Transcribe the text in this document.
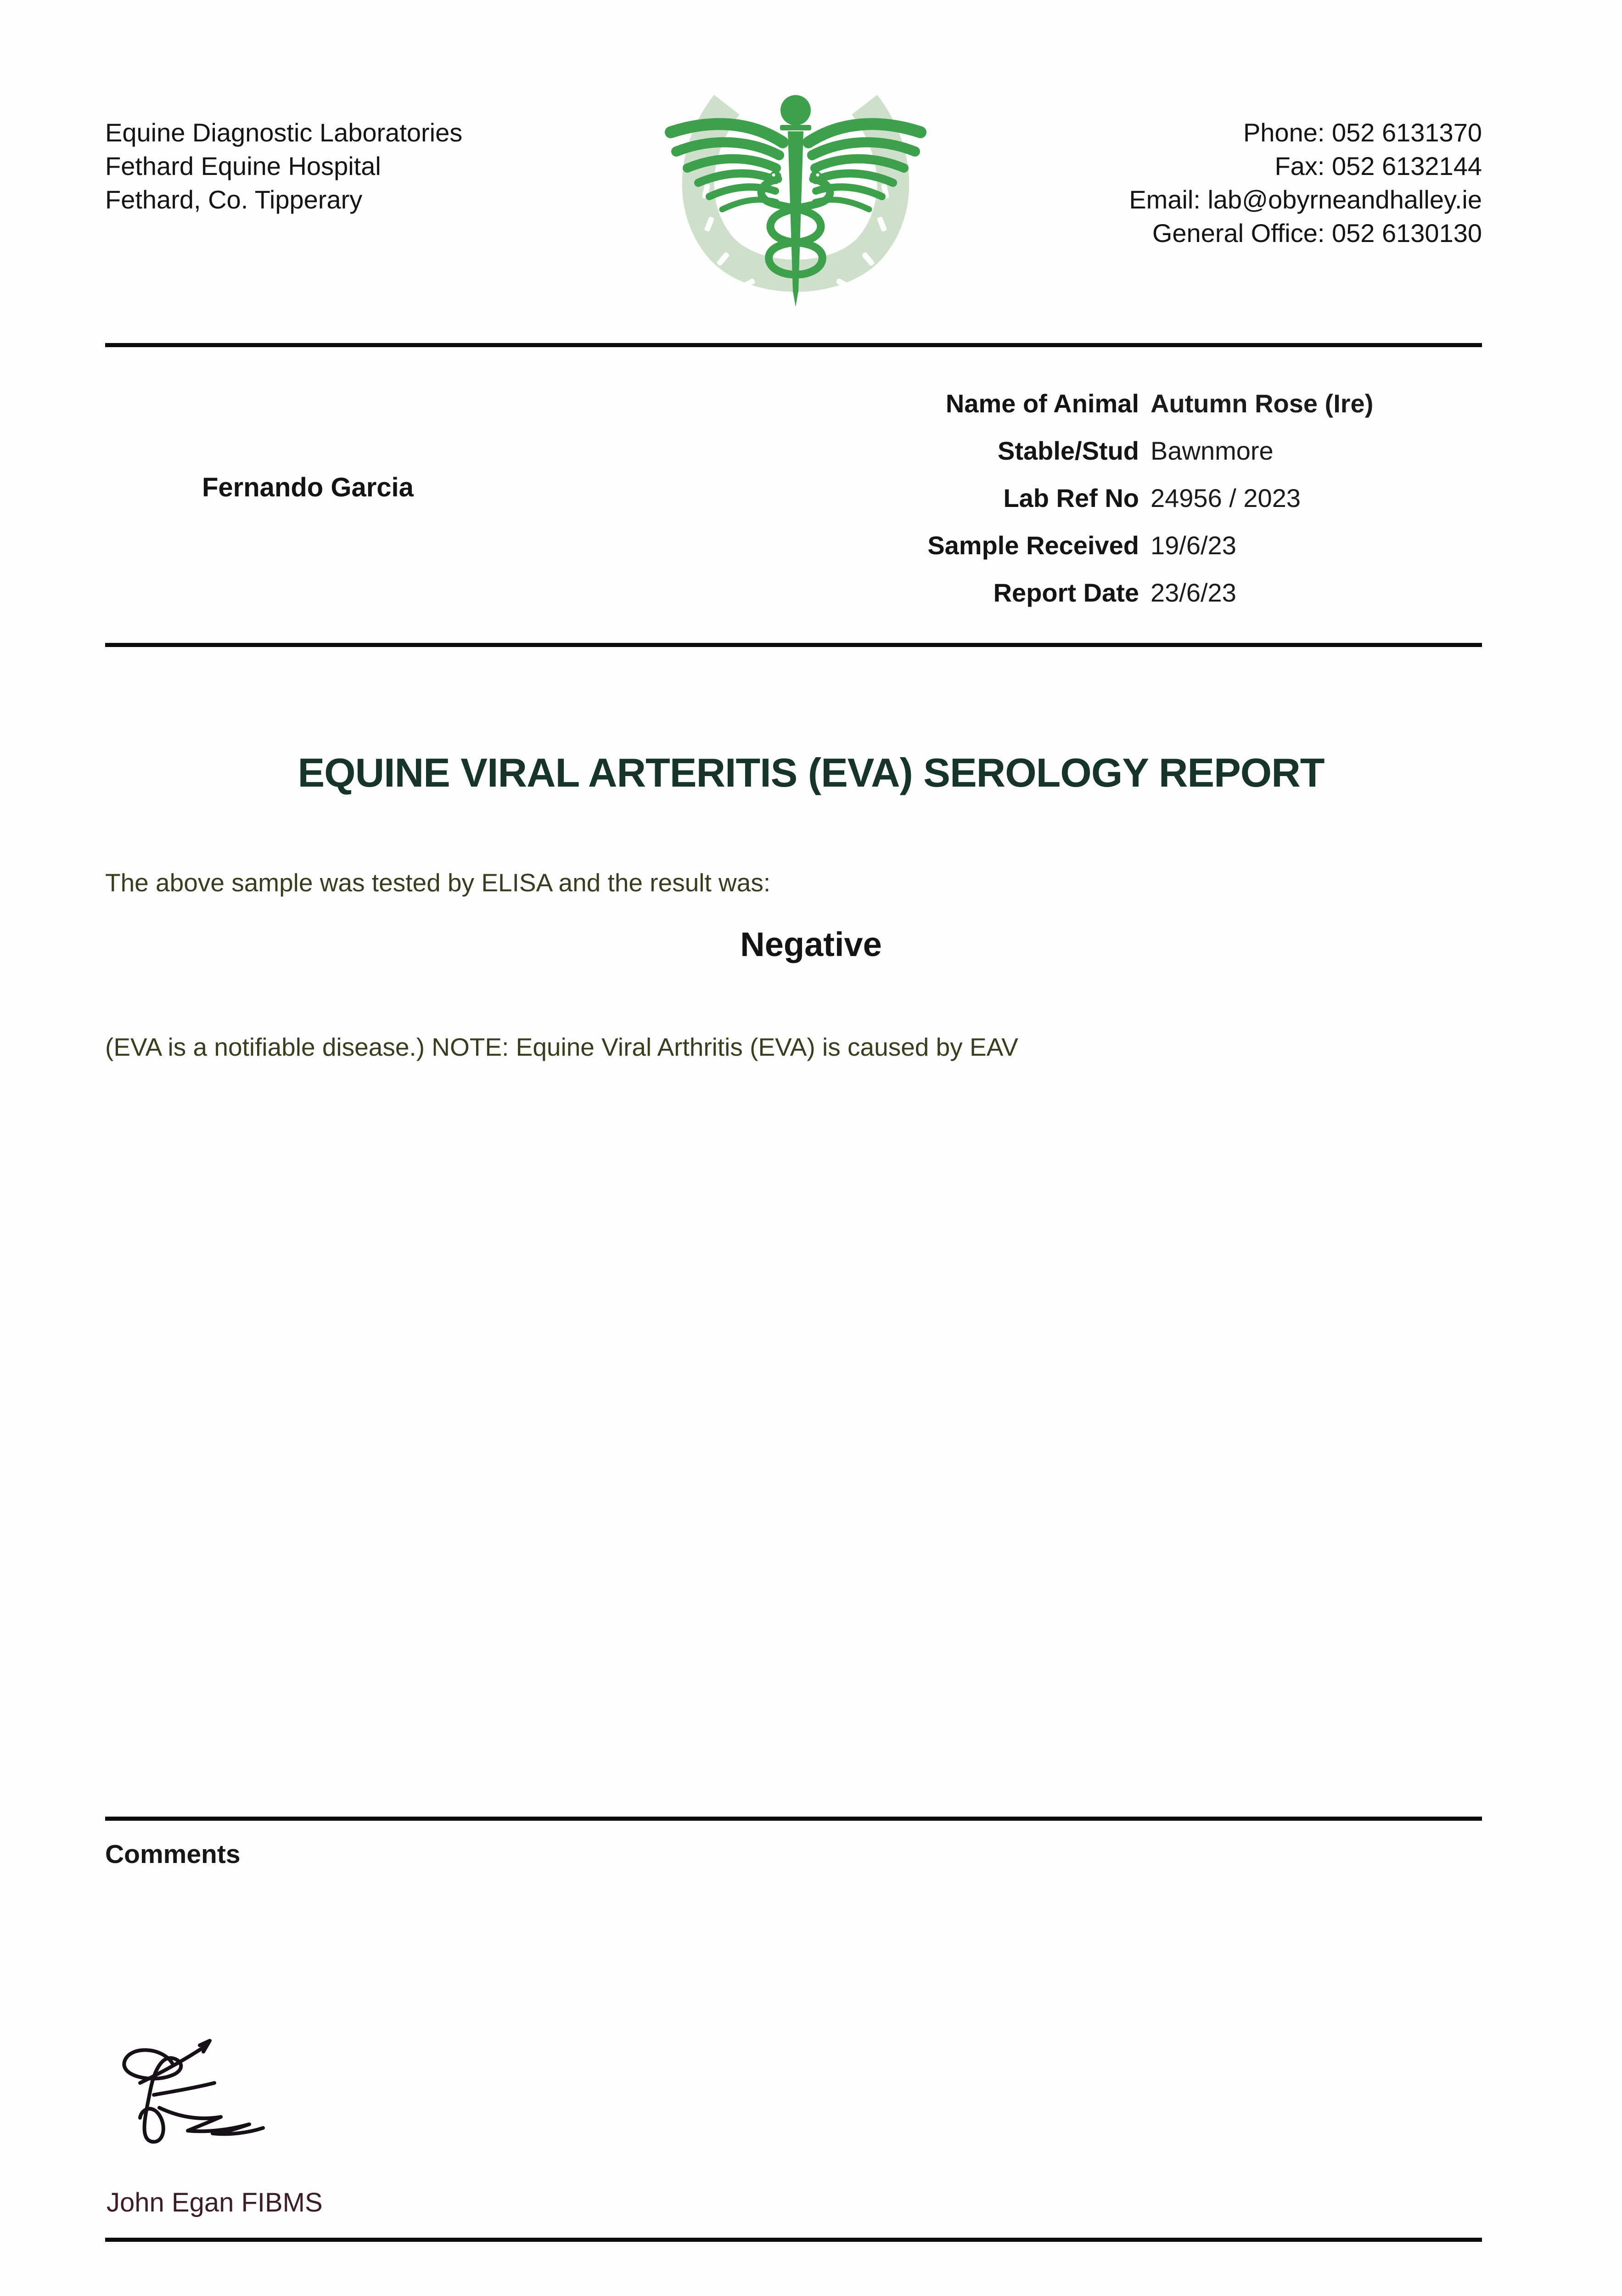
Equine Diagnostic Laboratories
Fethard Equine Hospital
Fethard, Co. Tipperary
Phone: 052 6131370
Fax: 052 6132144
Email: lab@obyrneandhalley.ie
General Office: 052 6130130
Fernando Garcia
Name of Animal Autumn Rose (Ire)
Stable/Stud Bawnmore
Lab Ref No 24956 / 2023
Sample Received 19/6/23
Report Date 23/6/23
EQUINE VIRAL ARTERITIS (EVA) SEROLOGY REPORT
The above sample was tested by ELISA and the result was:
Negative
(EVA is a notifiable disease.) NOTE: Equine Viral Arthritis (EVA) is caused by EAV
Comments
John Egan FIBMS
